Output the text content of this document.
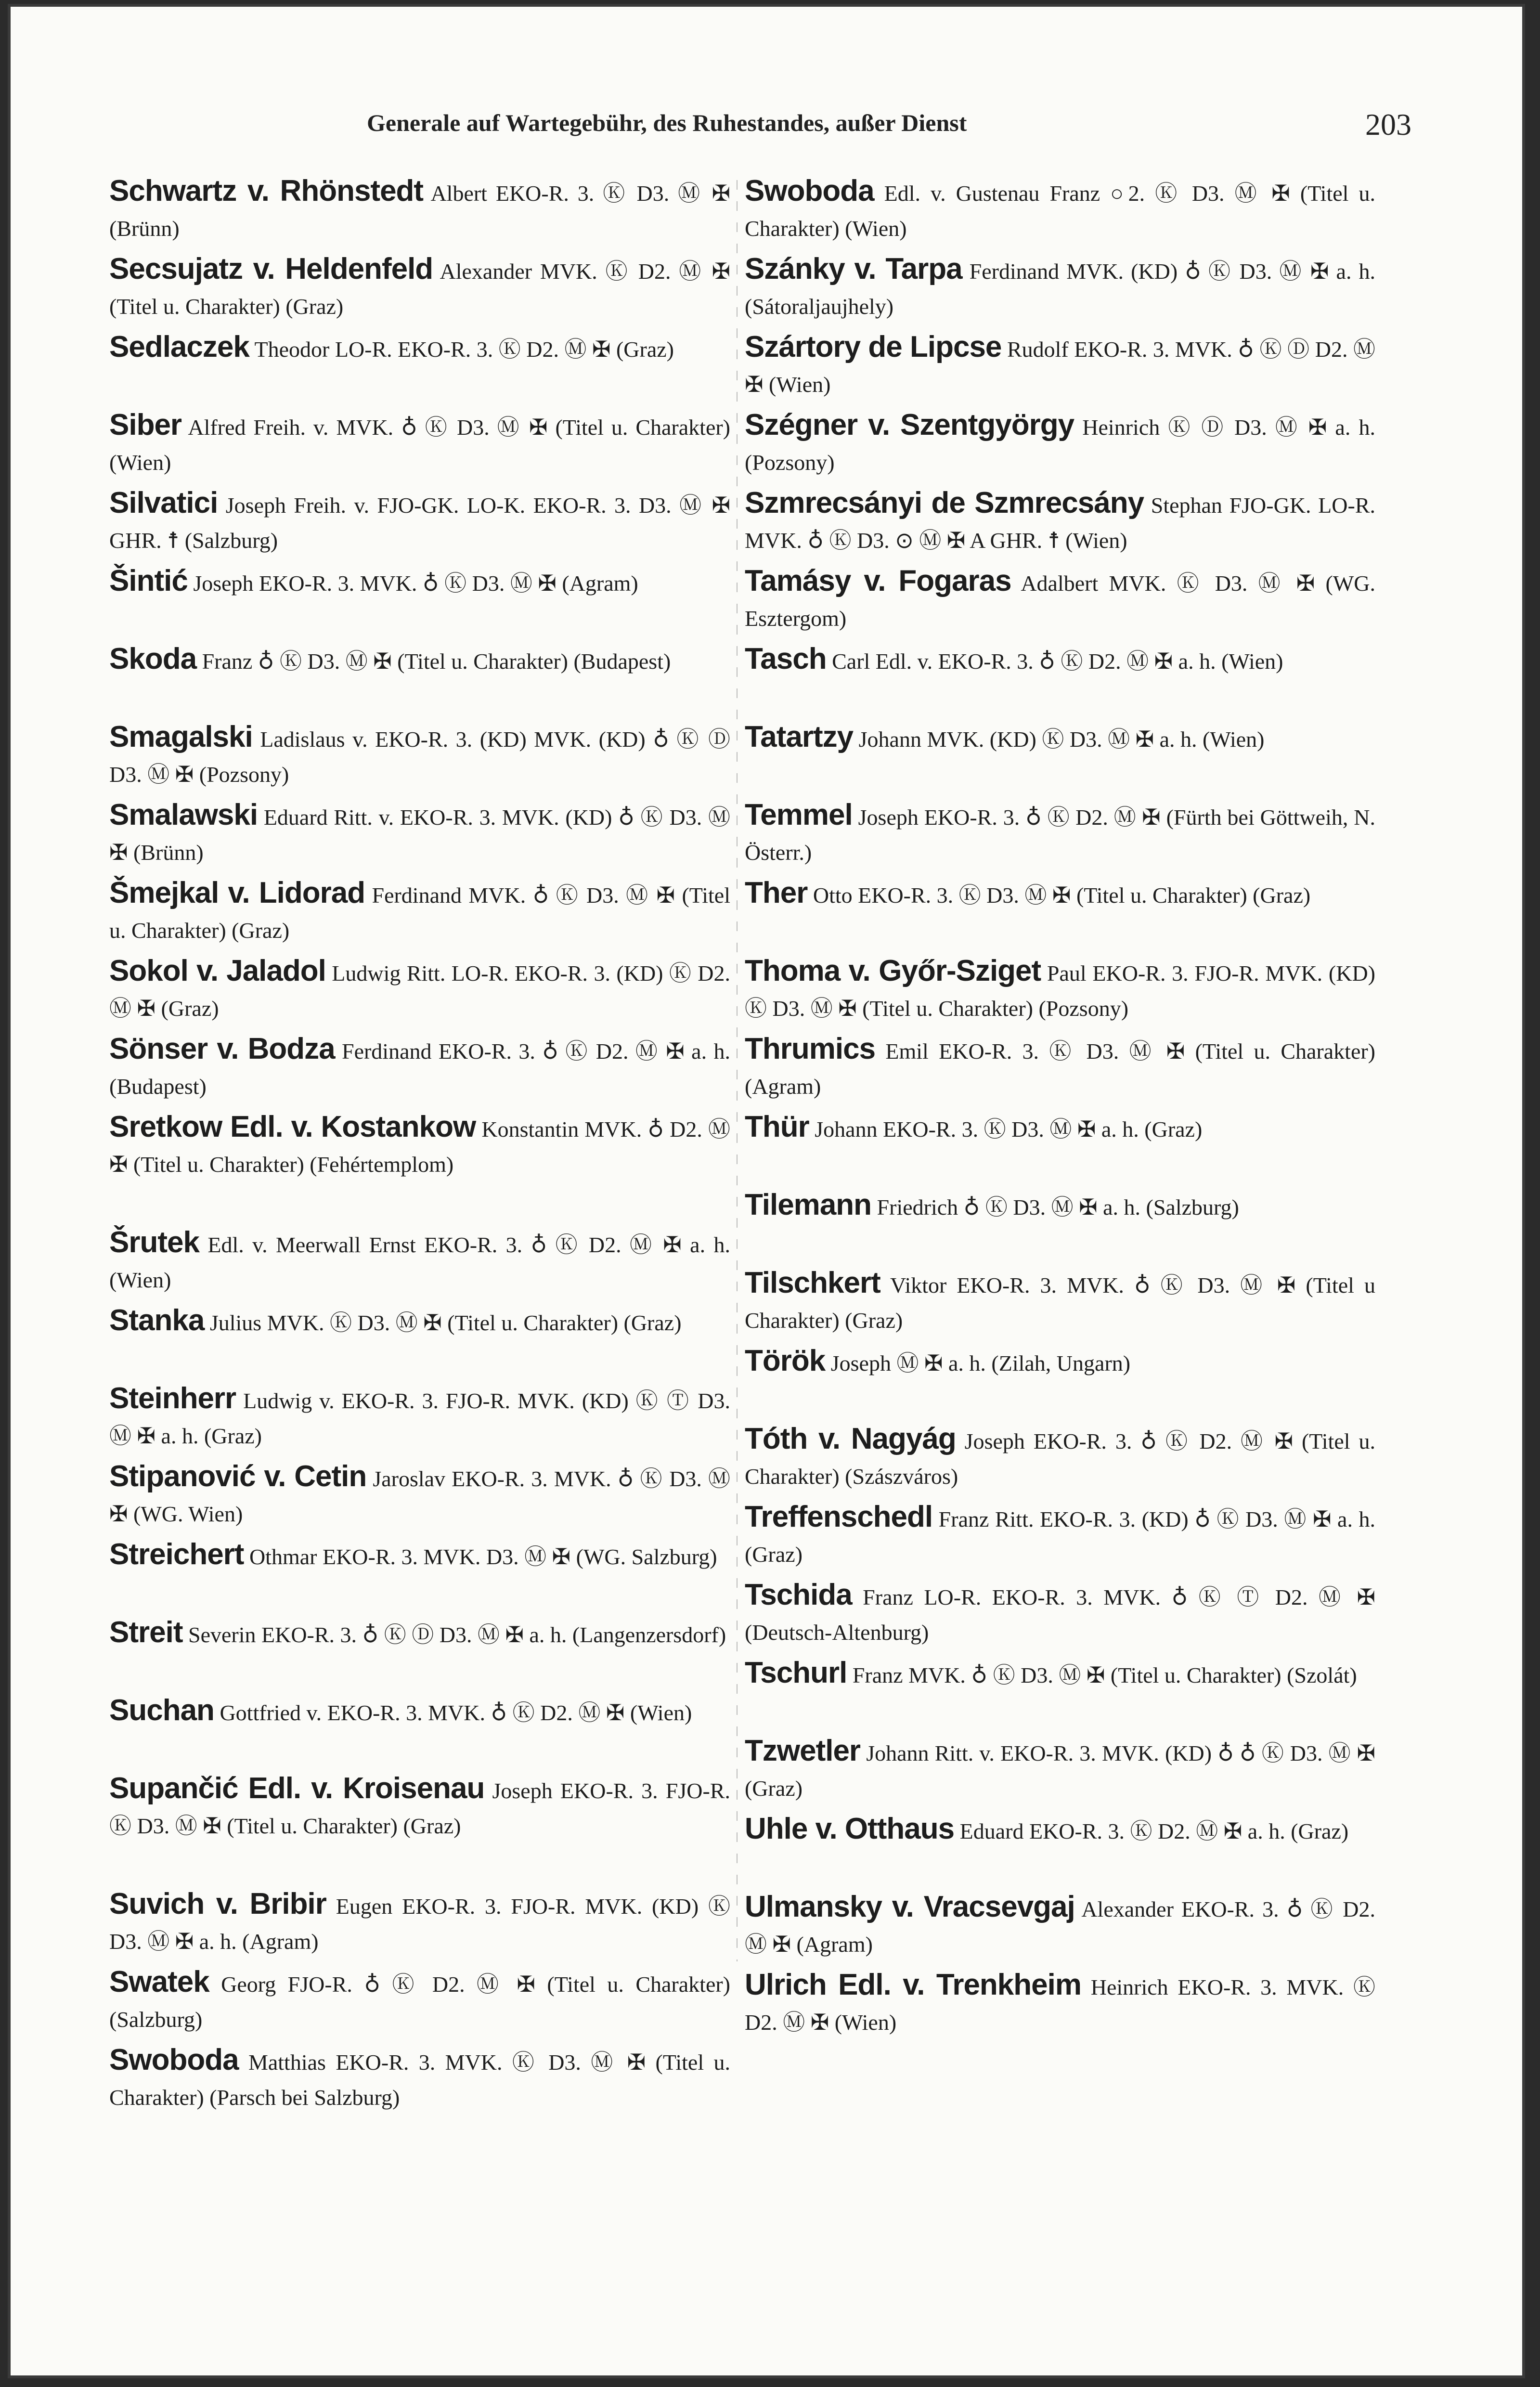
Generale auf Wartegebühr, des Ruhestandes, außer Dienst	203
Schwartz v. Rhönstedt Albert EKO-R. 3. Ⓚ D3. Ⓜ ✠ (Brünn)
Secsujatz v. Heldenfeld Alexander MVK. Ⓚ D2. Ⓜ ✠ (Titel u. Charakter) (Graz)
Sedlaczek Theodor LO-R. EKO-R. 3. Ⓚ D2. Ⓜ ✠ (Graz)
Siber Alfred Freih. v. MVK. ♁ Ⓚ D3. Ⓜ ✠ (Titel u. Charakter) (Wien)
Silvatici Joseph Freih. v. FJO-GK. LO-K. EKO-R. 3. D3. Ⓜ ✠ GHR. ☨ (Salzburg)
Šintić Joseph EKO-R. 3. MVK. ♁ Ⓚ D3. Ⓜ ✠ (Agram)
Skoda Franz ♁ Ⓚ D3. Ⓜ ✠ (Titel u. Charakter) (Budapest)
Smagalski Ladislaus v. EKO-R. 3. (KD) MVK. (KD) ♁ Ⓚ Ⓓ D3. Ⓜ ✠ (Pozsony)
Smalawski Eduard Ritt. v. EKO-R. 3. MVK. (KD) ♁ Ⓚ D3. Ⓜ ✠ (Brünn)
Šmejkal v. Lidorad Ferdinand MVK. ♁ Ⓚ D3. Ⓜ ✠ (Titel u. Charakter) (Graz)
Sokol v. Jaladol Ludwig Ritt. LO-R. EKO-R. 3. (KD) Ⓚ D2. Ⓜ ✠ (Graz)
Sönser v. Bodza Ferdinand EKO-R. 3. ♁ Ⓚ D2. Ⓜ ✠ a. h. (Budapest)
Sretkow Edl. v. Kostankow Konstantin MVK. ♁ D2. Ⓜ ✠ (Titel u. Charakter) (Fehértemplom)
Šrutek Edl. v. Meerwall Ernst EKO-R. 3. ♁ Ⓚ D2. Ⓜ ✠ a. h. (Wien)
Stanka Julius MVK. Ⓚ D3. Ⓜ ✠ (Titel u. Charakter) (Graz)
Steinherr Ludwig v. EKO-R. 3. FJO-R. MVK. (KD) Ⓚ Ⓣ D3. Ⓜ ✠ a. h. (Graz)
Stipanović v. Cetin Jaroslav EKO-R. 3. MVK. ♁ Ⓚ D3. Ⓜ ✠ (WG. Wien)
Streichert Othmar EKO-R. 3. MVK. D3. Ⓜ ✠ (WG. Salzburg)
Streit Severin EKO-R. 3. ♁ Ⓚ Ⓓ D3. Ⓜ ✠ a. h. (Langenzersdorf)
Suchan Gottfried v. EKO-R. 3. MVK. ♁ Ⓚ D2. Ⓜ ✠ (Wien)
Supančić Edl. v. Kroisenau Joseph EKO-R. 3. FJO-R. Ⓚ D3. Ⓜ ✠ (Titel u. Charakter) (Graz)
Suvich v. Bribir Eugen EKO-R. 3. FJO-R. MVK. (KD) Ⓚ D3. Ⓜ ✠ a. h. (Agram)
Swatek Georg FJO-R. ♁ Ⓚ D2. Ⓜ ✠ (Titel u. Charakter) (Salzburg)
Swoboda Matthias EKO-R. 3. MVK. Ⓚ D3. Ⓜ ✠ (Titel u. Charakter) (Parsch bei Salzburg)
Swoboda Edl. v. Gustenau Franz ○2. Ⓚ D3. Ⓜ ✠ (Titel u. Charakter) (Wien)
Szánky v. Tarpa Ferdinand MVK. (KD) ♁ Ⓚ D3. Ⓜ ✠ a. h. (Sátoraljaujhely)
Szártory de Lipcse Rudolf EKO-R. 3. MVK. ♁ Ⓚ Ⓓ D2. Ⓜ ✠ (Wien)
Szégner v. Szentgyörgy Heinrich Ⓚ Ⓓ D3. Ⓜ ✠ a. h. (Pozsony)
Szmrecsányi de Szmrecsány Stephan FJO-GK. LO-R. MVK. ♁ Ⓚ D3. ⊙ Ⓜ ✠ A GHR. ☨ (Wien)
Tamásy v. Fogaras Adalbert MVK. Ⓚ D3. Ⓜ ✠ (WG. Esztergom)
Tasch Carl Edl. v. EKO-R. 3. ♁ Ⓚ D2. Ⓜ ✠ a. h. (Wien)
Tatartzy Johann MVK. (KD) Ⓚ D3. Ⓜ ✠ a. h. (Wien)
Temmel Joseph EKO-R. 3. ♁ Ⓚ D2. Ⓜ ✠ (Fürth bei Göttweih, N. Österr.)
Ther Otto EKO-R. 3. Ⓚ D3. Ⓜ ✠ (Titel u. Charakter) (Graz)
Thoma v. Győr-Sziget Paul EKO-R. 3. FJO-R. MVK. (KD) Ⓚ D3. Ⓜ ✠ (Titel u. Charakter) (Pozsony)
Thrumics Emil EKO-R. 3. Ⓚ D3. Ⓜ ✠ (Titel u. Charakter) (Agram)
Thür Johann EKO-R. 3. Ⓚ D3. Ⓜ ✠ a. h. (Graz)
Tilemann Friedrich ♁ Ⓚ D3. Ⓜ ✠ a. h. (Salzburg)
Tilschkert Viktor EKO-R. 3. MVK. ♁ Ⓚ D3. Ⓜ ✠ (Titel u Charakter) (Graz)
Török Joseph Ⓜ ✠ a. h. (Zilah, Ungarn)
Tóth v. Nagyág Joseph EKO-R. 3. ♁ Ⓚ D2. Ⓜ ✠ (Titel u. Charakter) (Szászváros)
Treffenschedl Franz Ritt. EKO-R. 3. (KD) ♁ Ⓚ D3. Ⓜ ✠ a. h. (Graz)
Tschida Franz LO-R. EKO-R. 3. MVK. ♁ Ⓚ Ⓣ D2. Ⓜ ✠ (Deutsch-Altenburg)
Tschurl Franz MVK. ♁ Ⓚ D3. Ⓜ ✠ (Titel u. Charakter) (Szolát)
Tzwetler Johann Ritt. v. EKO-R. 3. MVK. (KD) ♁ ♁ Ⓚ D3. Ⓜ ✠ (Graz)
Uhle v. Otthaus Eduard EKO-R. 3. Ⓚ D2. Ⓜ ✠ a. h. (Graz)
Ulmansky v. Vracsevgaj Alexander EKO-R. 3. ♁ Ⓚ D2. Ⓜ ✠ (Agram)
Ulrich Edl. v. Trenkheim Heinrich EKO-R. 3. MVK. Ⓚ D2. Ⓜ ✠ (Wien)
